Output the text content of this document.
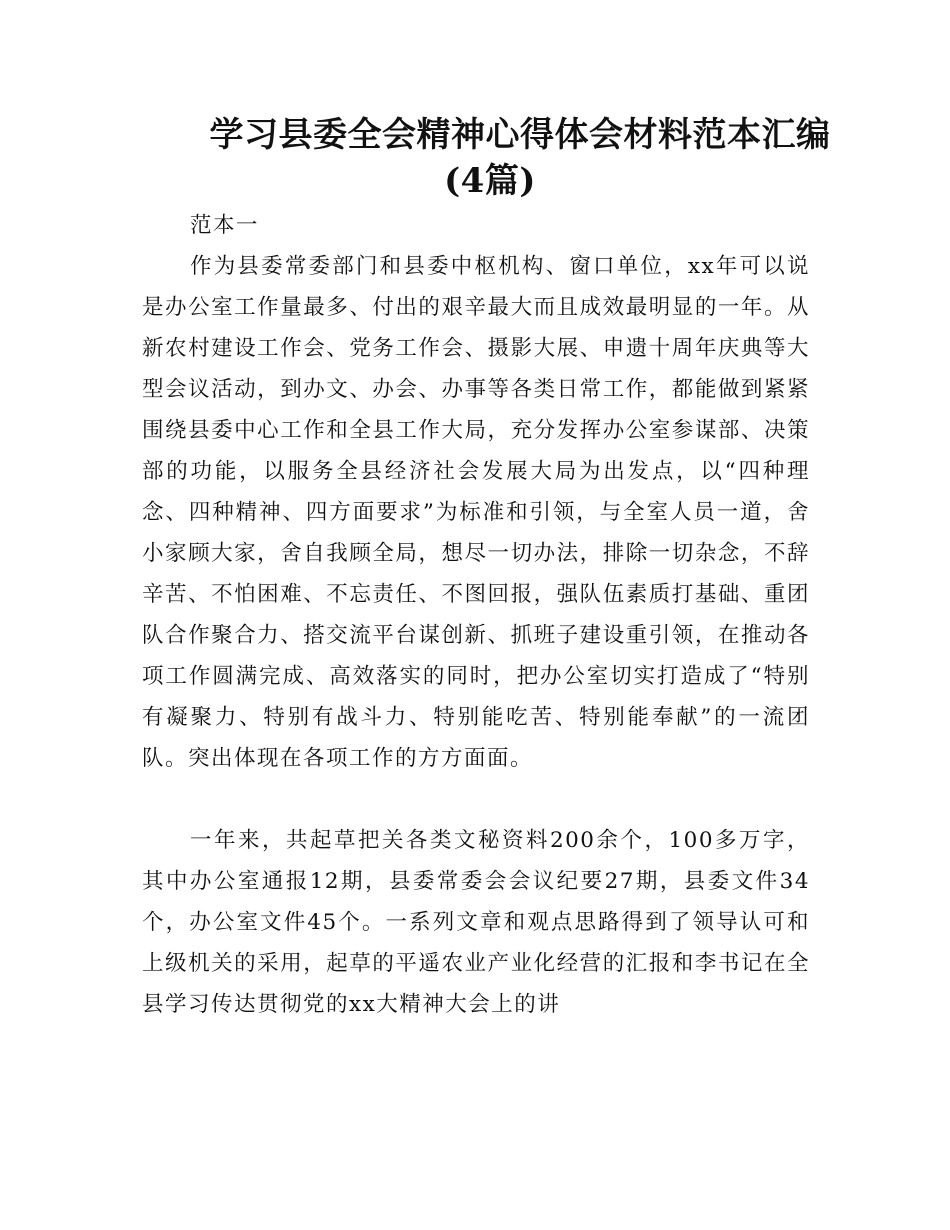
学习县委全会精神心得体会材料范本汇编
(4篇)

范本一

作为县委常委部门和县委中枢机构、窗口单位，xx年可以说是办公室工作量最多、付出的艰辛最大而且成效最明显的一年。从新农村建设工作会、党务工作会、摄影大展、申遗十周年庆典等大型会议活动，到办文、办会、办事等各类日常工作，都能做到紧紧围绕县委中心工作和全县工作大局，充分发挥办公室参谋部、决策部的功能，以服务全县经济社会发展大局为出发点，以“四种理念、四种精神、四方面要求”为标准和引领，与全室人员一道，舍小家顾大家，舍自我顾全局，想尽一切办法，排除一切杂念，不辞辛苦、不怕困难、不忘责任、不图回报，强队伍素质打基础、重团队合作聚合力、搭交流平台谋创新、抓班子建设重引领，在推动各项工作圆满完成、高效落实的同时，把办公室切实打造成了“特别有凝聚力、特别有战斗力、特别能吃苦、特别能奉献”的一流团队。突出体现在各项工作的方方面面。

一年来，共起草把关各类文秘资料200余个，100多万字，其中办公室通报12期，县委常委会会议纪要27期，县委文件34个，办公室文件45个。一系列文章和观点思路得到了领导认可和上级机关的采用，起草的平遥农业产业化经营的汇报和李书记在全县学习传达贯彻党的xx大精神大会上的讲
